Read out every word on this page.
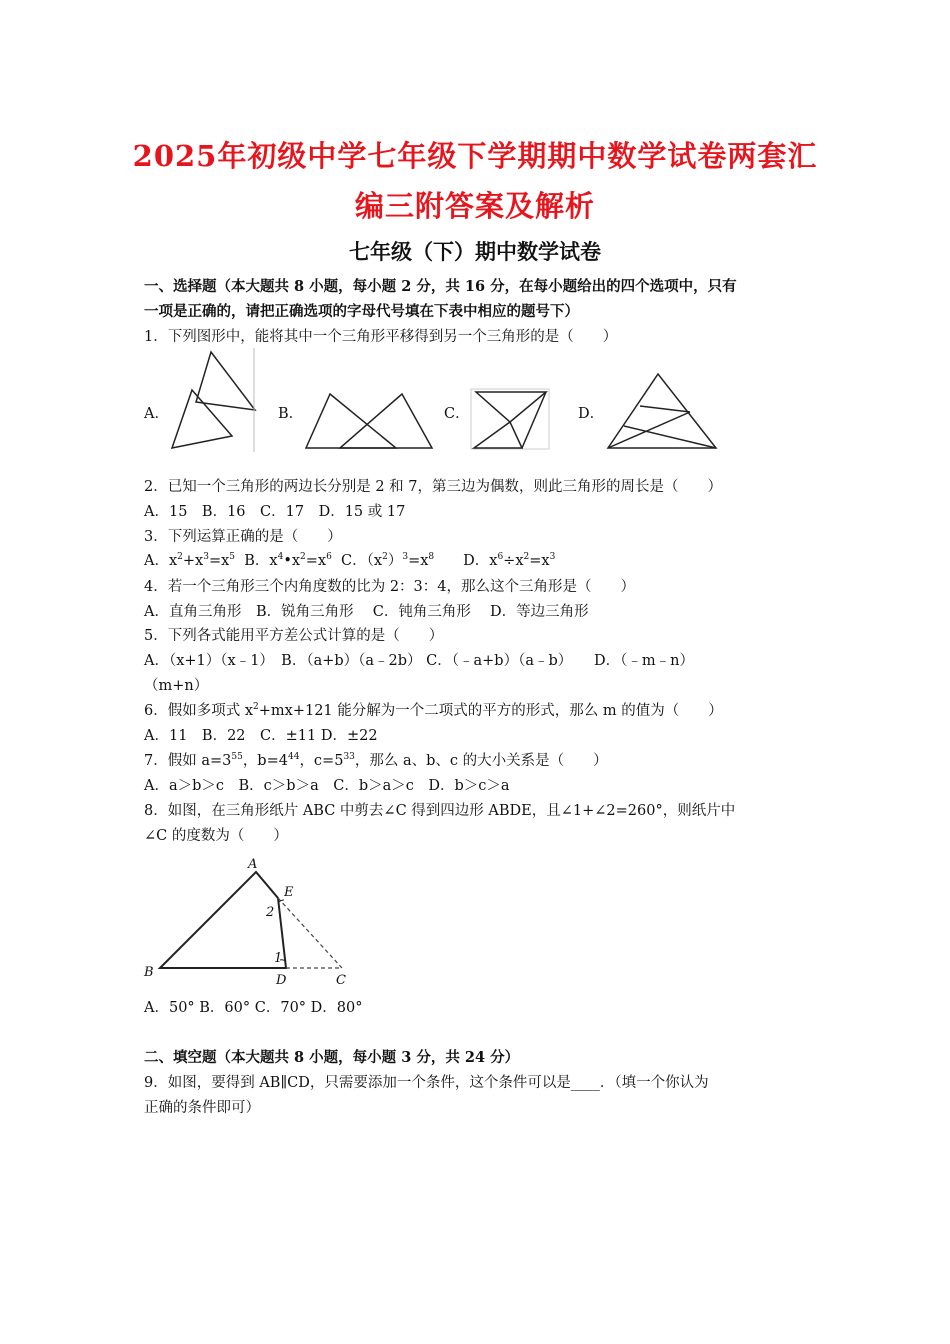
2025年初级中学七年级下学期期中数学试卷两套汇
编三附答案及解析
七年级（下）期中数学试卷
一、选择题（本大题共 8 小题，每小题 2 分，共 16 分，在每小题给出的四个选项中，只有
一项是正确的，请把正确选项的字母代号填在下表中相应的题号下）
1．下列图形中，能将其中一个三角形平移得到另一个三角形的是（　　）
A．	B．	C．	D．
2．已知一个三角形的两边长分别是 2 和 7，第三边为偶数，则此三角形的周长是（　　）
A．15　B．16　C．17　D．15 或 17
3．下列运算正确的是（　　）
A．$x^2+x^3=x^5$  B．$x^4•x^2=x^6$  C．$(x^2)^3=x^8$　　D．$x^6\div x^2=x^3$
4．若一个三角形三个内角度数的比为 2：3：4，那么这个三角形是（　　）
A．直角三角形　B．锐角三角形　 C．钝角三角形　 D．等边三角形
5．下列各式能用平方差公式计算的是（　　）
A．（x+1）（x﹣1）　B．（a+b）（a﹣2b） C．（﹣a+b）（a﹣b）　　D．（﹣m﹣n）
（m+n）
6．假如多项式 $x^2+mx+121$ 能分解为一个二项式的平方的形式，那么 m 的值为（　　）
A．11　B．22　C．±11 D．±22
7．假如 $a=3^{55}$，$b=4^{44}$，$c=5^{33}$，那么 a、b、c 的大小关系是（　　）
A．a＞b＞c　B．c＞b＞a　C．b＞a＞c　D．b＞c＞a
8．如图，在三角形纸片 ABC 中剪去∠C 得到四边形 ABDE，且∠1+∠2=260°，则纸片中
∠C 的度数为（　　）
A
E
2
1
B
D	C
A．50° B．60° C．70° D．80°
二、填空题（本大题共 8 小题，每小题 3 分，共 24 分）
9．如图，要得到 AB∥CD，只需要添加一个条件，这个条件可以是____．（填一个你认为
正确的条件即可）
